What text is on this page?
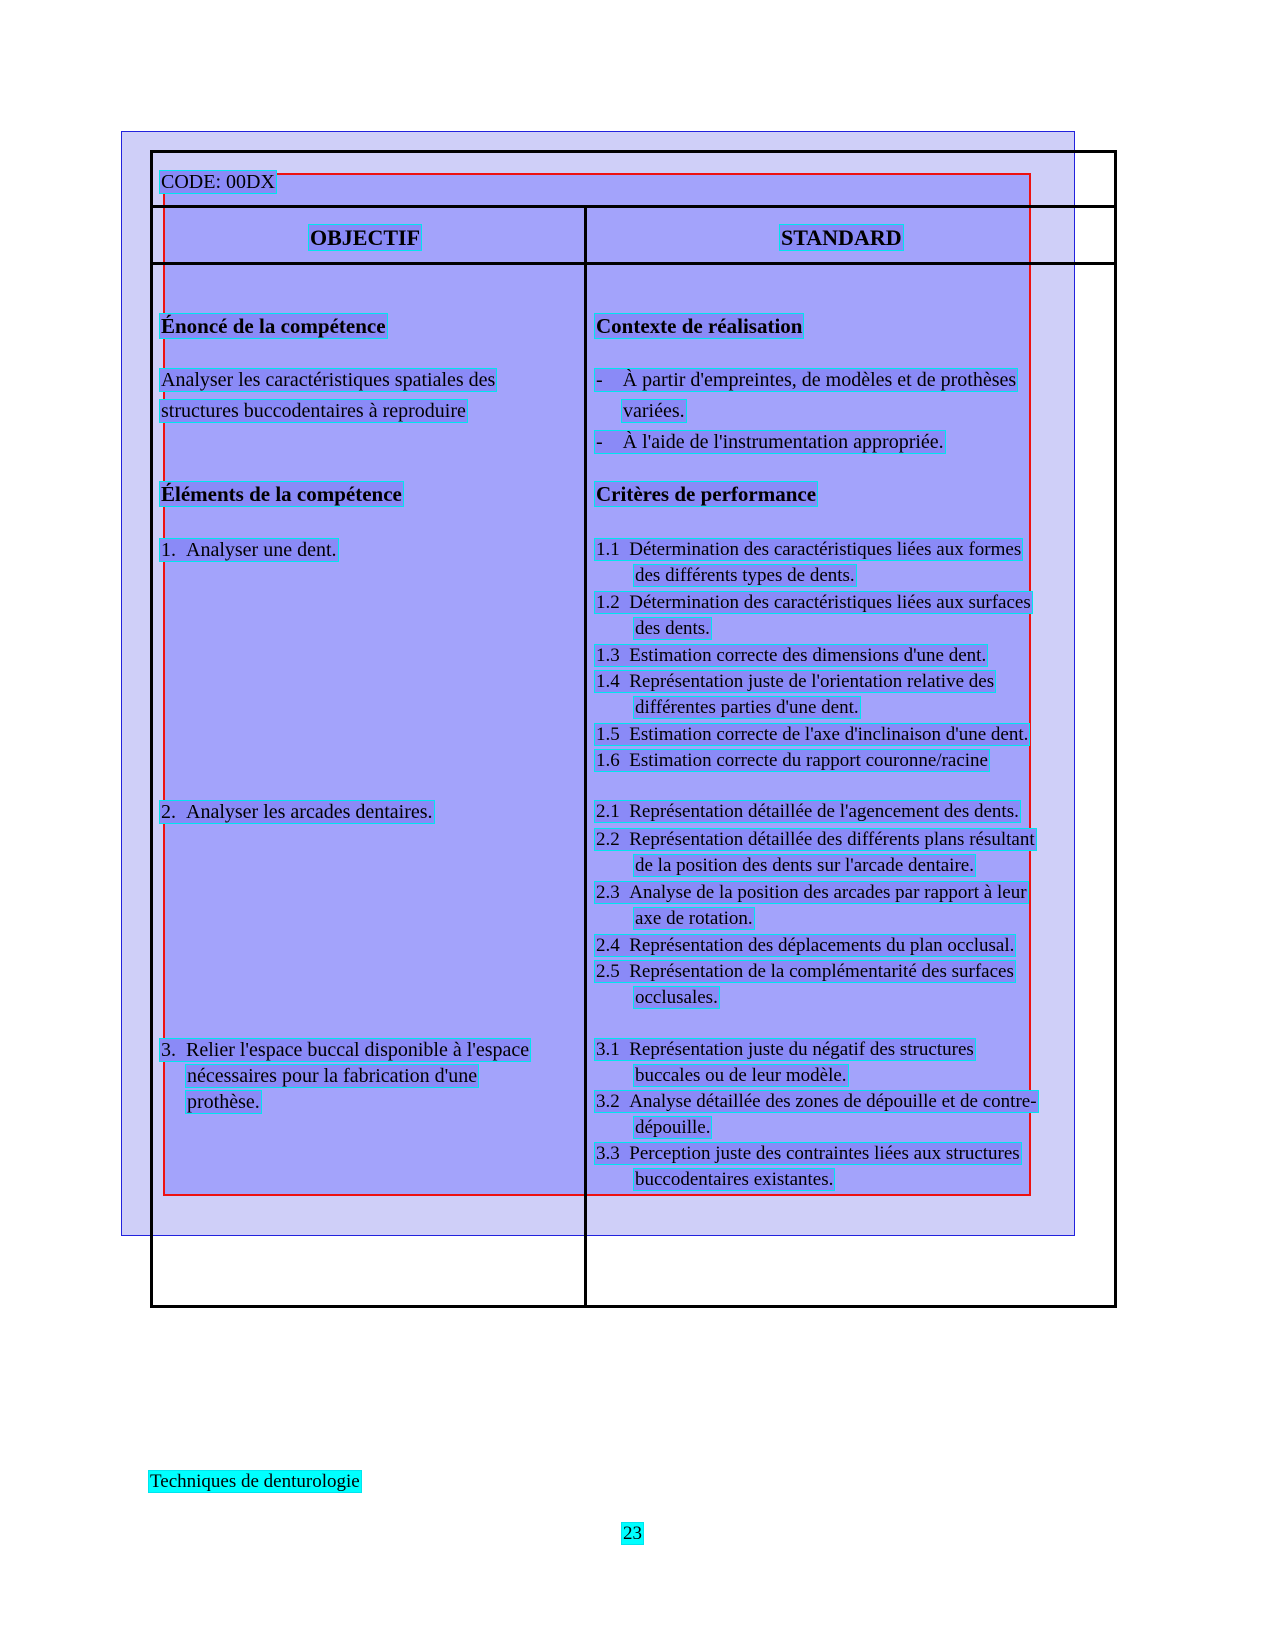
CODE: 00DX
OBJECTIF	STANDARD
Énoncé de la compétence
Analyser les caractéristiques spatiales des
structures buccodentaires à reproduire
Éléments de la compétence
1. Analyser une dent.
2. Analyser les arcades dentaires.
3. Relier l'espace buccal disponible à l'espace
nécessaires pour la fabrication d'une
prothèse.
Contexte de réalisation
- À partir d'empreintes, de modèles et de prothèses
variées.
- À l'aide de l'instrumentation appropriée.
Critères de performance
1.1 Détermination des caractéristiques liées aux formes
des différents types de dents.
1.2 Détermination des caractéristiques liées aux surfaces
des dents.
1.3 Estimation correcte des dimensions d'une dent.
1.4 Représentation juste de l'orientation relative des
différentes parties d'une dent.
1.5 Estimation correcte de l'axe d'inclinaison d'une dent.
1.6 Estimation correcte du rapport couronne/racine
2.1 Représentation détaillée de l'agencement des dents.
2.2 Représentation détaillée des différents plans résultant
de la position des dents sur l'arcade dentaire.
2.3 Analyse de la position des arcades par rapport à leur
axe de rotation.
2.4 Représentation des déplacements du plan occlusal.
2.5 Représentation de la complémentarité des surfaces
occlusales.
3.1 Représentation juste du négatif des structures
buccales ou de leur modèle.
3.2 Analyse détaillée des zones de dépouille et de contre-
dépouille.
3.3 Perception juste des contraintes liées aux structures
buccodentaires existantes.
Techniques de denturologie
23
